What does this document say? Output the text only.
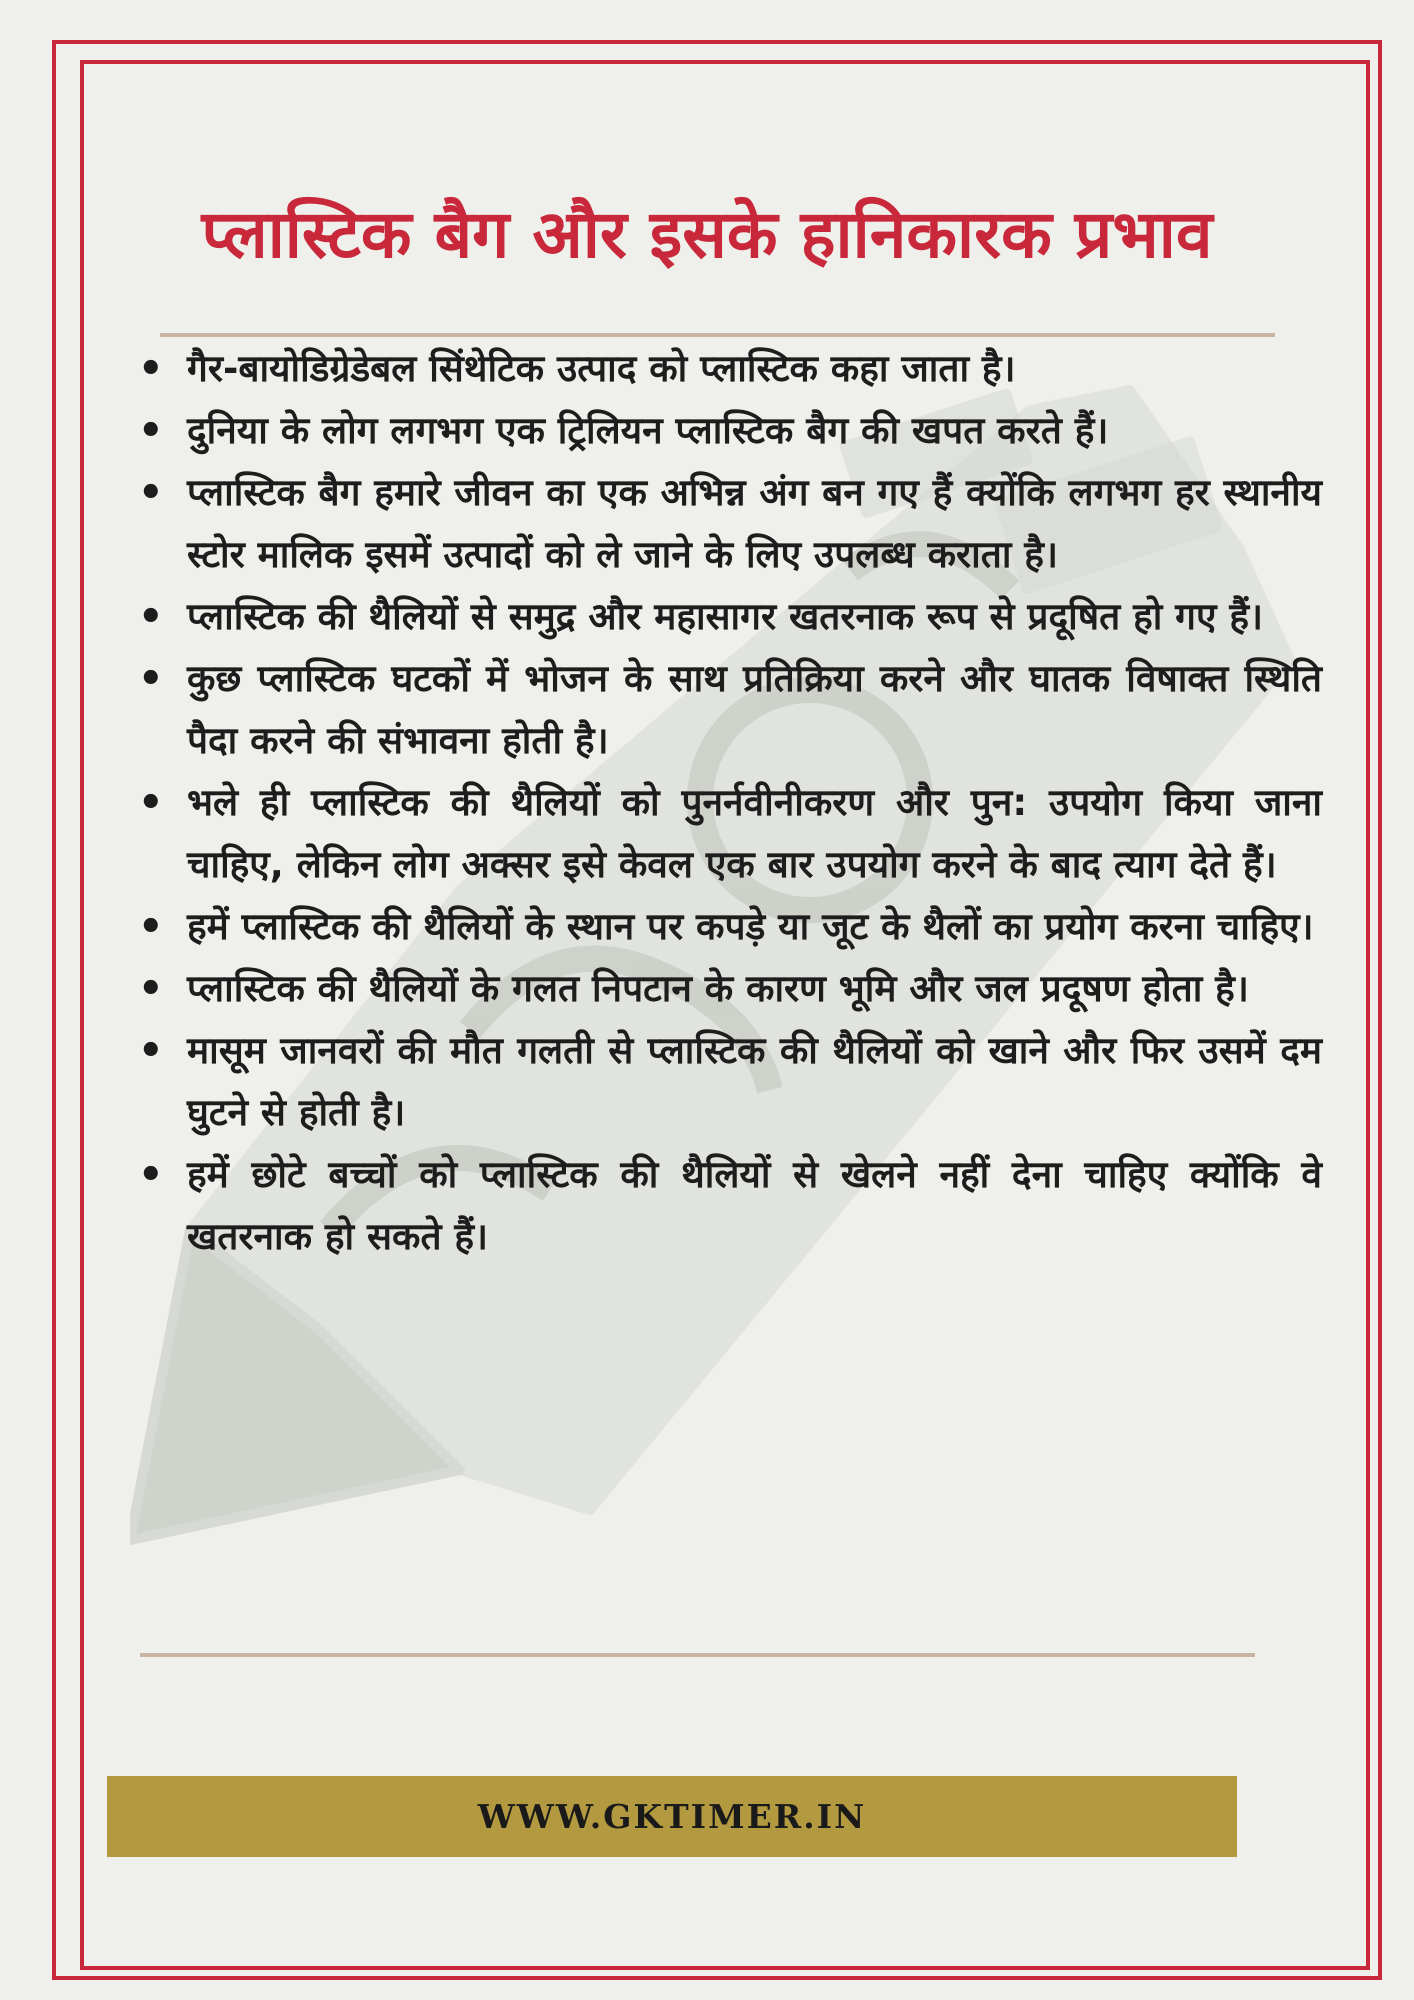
प्लास्टिक बैग और इसके हानिकारक प्रभाव
• गैर-बायोडिग्रेडेबल सिंथेटिक उत्पाद को प्लास्टिक कहा जाता है।
• दुनिया के लोग लगभग एक ट्रिलियन प्लास्टिक बैग की खपत करते हैं।
• प्लास्टिक बैग हमारे जीवन का एक अभिन्न अंग बन गए हैं क्योंकि लगभग हर स्थानीय स्टोर मालिक इसमें उत्पादों को ले जाने के लिए उपलब्ध कराता है।
• प्लास्टिक की थैलियों से समुद्र और महासागर खतरनाक रूप से प्रदूषित हो गए हैं।
• कुछ प्लास्टिक घटकों में भोजन के साथ प्रतिक्रिया करने और घातक विषाक्त स्थिति पैदा करने की संभावना होती है।
• भले ही प्लास्टिक की थैलियों को पुनर्नवीनीकरण और पुन: उपयोग किया जाना चाहिए, लेकिन लोग अक्सर इसे केवल एक बार उपयोग करने के बाद त्याग देते हैं।
• हमें प्लास्टिक की थैलियों के स्थान पर कपड़े या जूट के थैलों का प्रयोग करना चाहिए।
• प्लास्टिक की थैलियों के गलत निपटान के कारण भूमि और जल प्रदूषण होता है।
• मासूम जानवरों की मौत गलती से प्लास्टिक की थैलियों को खाने और फिर उसमें दम घुटने से होती है।
• हमें छोटे बच्चों को प्लास्टिक की थैलियों से खेलने नहीं देना चाहिए क्योंकि वे खतरनाक हो सकते हैं।
WWW.GKTIMER.IN
